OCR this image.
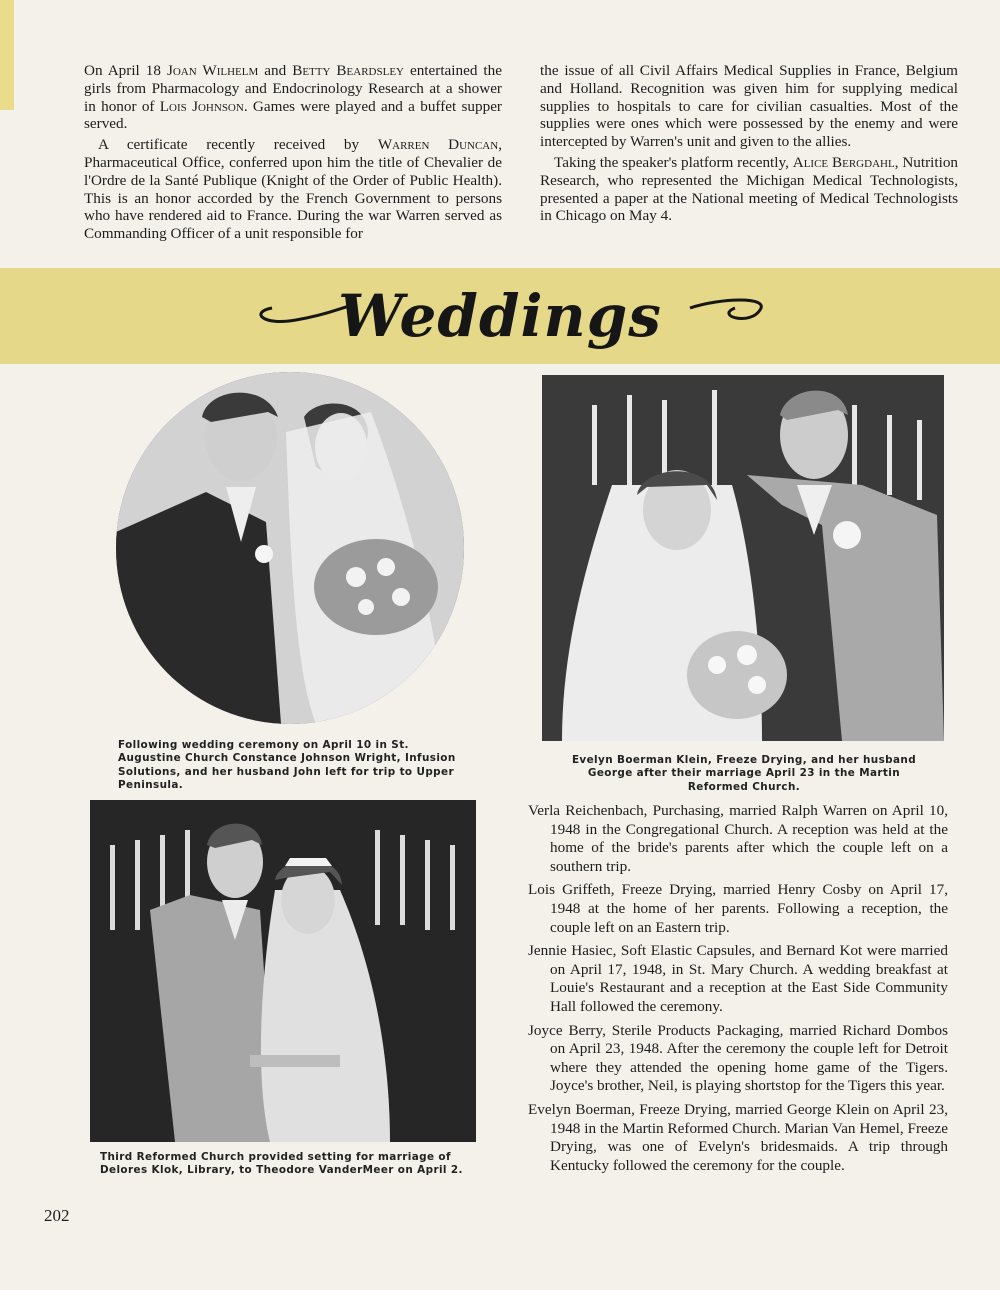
On April 18 Joan Wilhelm and Betty Beardsley entertained the girls from Pharmacology and Endocrinology Research at a shower in honor of Lois Johnson. Games were played and a buffet supper served.

A certificate recently received by Warren Duncan, Pharmaceutical Office, conferred upon him the title of Chevalier de l'Ordre de la Santé Publique (Knight of the Order of Public Health). This is an honor accorded by the French Government to persons who have rendered aid to France. During the war Warren served as Commanding Officer of a unit responsible for

the issue of all Civil Affairs Medical Supplies in France, Belgium and Holland. Recognition was given him for supplying medical supplies to hospitals to care for civilian casualties. Most of the supplies were ones which were possessed by the enemy and were intercepted by Warren's unit and given to the allies.

Taking the speaker's platform recently, Alice Bergdahl, Nutrition Research, who represented the Michigan Medical Technologists, presented a paper at the National meeting of Medical Technologists in Chicago on May 4.

Weddings
Following wedding ceremony on April 10 in St. Augustine Church Constance Johnson Wright, Infusion Solutions, and her husband John left for trip to Upper Peninsula.
Evelyn Boerman Klein, Freeze Drying, and her husband George after their marriage April 23 in the Martin Reformed Church.
Third Reformed Church provided setting for marriage of Delores Klok, Library, to Theodore VanderMeer on April 2.

Verla Reichenbach, Purchasing, married Ralph Warren on April 10, 1948 in the Congregational Church. A reception was held at the home of the bride's parents after which the couple left on a southern trip.

Lois Griffeth, Freeze Drying, married Henry Cosby on April 17, 1948 at the home of her parents. Following a reception, the couple left on an Eastern trip.

Jennie Hasiec, Soft Elastic Capsules, and Bernard Kot were married on April 17, 1948, in St. Mary Church. A wedding breakfast at Louie's Restaurant and a reception at the East Side Community Hall followed the ceremony.

Joyce Berry, Sterile Products Packaging, married Richard Dombos on April 23, 1948. After the ceremony the couple left for Detroit where they attended the opening home game of the Tigers. Joyce's brother, Neil, is playing shortstop for the Tigers this year.

Evelyn Boerman, Freeze Drying, married George Klein on April 23, 1948 in the Martin Reformed Church. Marian Van Hemel, Freeze Drying, was one of Evelyn's bridesmaids. A trip through Kentucky followed the ceremony for the couple.

202
